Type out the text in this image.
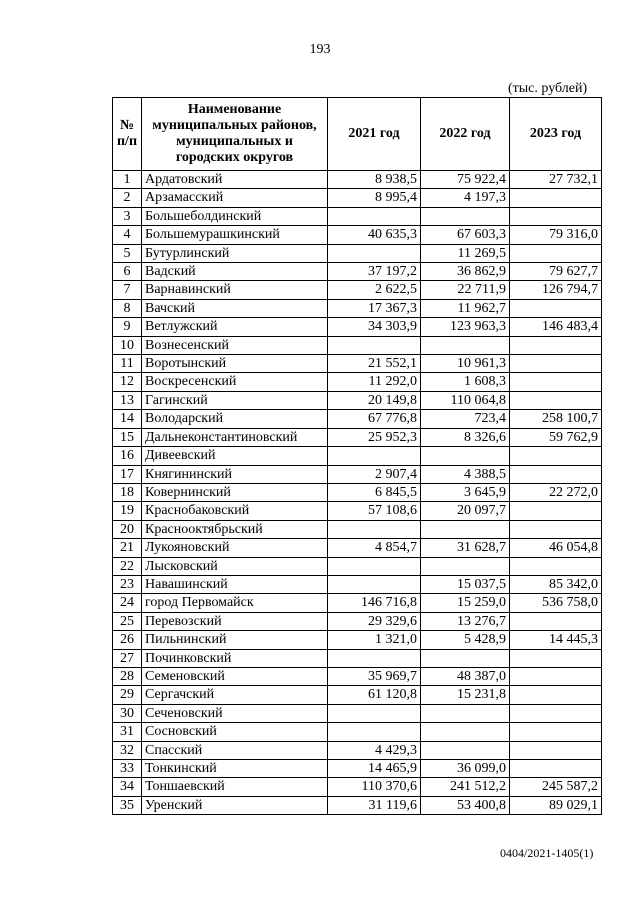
193
(тыс. рублей)
№ п/п	Наименование муниципальных районов, муниципальных и городских округов	2021 год	2022 год	2023 год
1	Ардатовский	8 938,5	75 922,4	27 732,1
2	Арзамасский	8 995,4	4 197,3	
3	Большеболдинский			
4	Большемурашкинский	40 635,3	67 603,3	79 316,0
5	Бутурлинский		11 269,5	
6	Вадский	37 197,2	36 862,9	79 627,7
7	Варнавинский	2 622,5	22 711,9	126 794,7
8	Вачский	17 367,3	11 962,7	
9	Ветлужский	34 303,9	123 963,3	146 483,4
10	Вознесенский			
11	Воротынский	21 552,1	10 961,3	
12	Воскресенский	11 292,0	1 608,3	
13	Гагинский	20 149,8	110 064,8	
14	Володарский	67 776,8	723,4	258 100,7
15	Дальнеконстантиновский	25 952,3	8 326,6	59 762,9
16	Дивеевский			
17	Княгининский	2 907,4	4 388,5	
18	Ковернинский	6 845,5	3 645,9	22 272,0
19	Краснобаковский	57 108,6	20 097,7	
20	Краснооктябрьский			
21	Лукояновский	4 854,7	31 628,7	46 054,8
22	Лысковский			
23	Навашинский		15 037,5	85 342,0
24	город Первомайск	146 716,8	15 259,0	536 758,0
25	Перевозский	29 329,6	13 276,7	
26	Пильнинский	1 321,0	5 428,9	14 445,3
27	Починковский			
28	Семеновский	35 969,7	48 387,0	
29	Сергачский	61 120,8	15 231,8	
30	Сеченовский			
31	Сосновский			
32	Спасский	4 429,3		
33	Тонкинский	14 465,9	36 099,0	
34	Тоншаевский	110 370,6	241 512,2	245 587,2
35	Уренский	31 119,6	53 400,8	89 029,1
0404/2021-1405(1)
